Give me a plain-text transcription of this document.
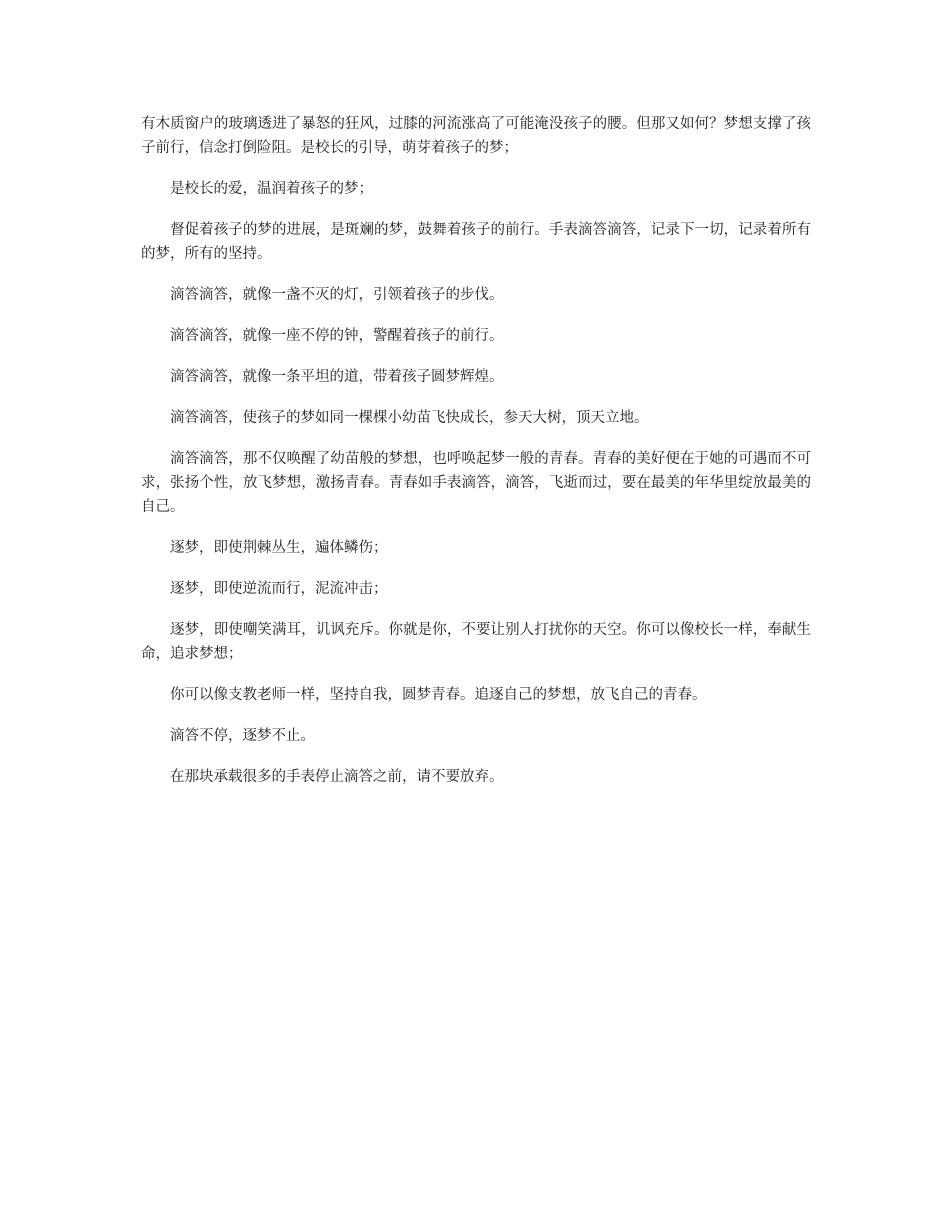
有木质窗户的玻璃透进了暴怒的狂风，过膝的河流涨高了可能淹没孩子的腰。但那又如何？梦想支撑了孩子前行，信念打倒险阻。是校长的引导，萌芽着孩子的梦；

是校长的爱，温润着孩子的梦；

督促着孩子的梦的进展，是斑斓的梦，鼓舞着孩子的前行。手表滴答滴答，记录下一切，记录着所有的梦，所有的坚持。

滴答滴答，就像一盏不灭的灯，引领着孩子的步伐。

滴答滴答，就像一座不停的钟，警醒着孩子的前行。

滴答滴答，就像一条平坦的道，带着孩子圆梦辉煌。

滴答滴答，使孩子的梦如同一棵棵小幼苗飞快成长，参天大树，顶天立地。

滴答滴答，那不仅唤醒了幼苗般的梦想，也呼唤起梦一般的青春。青春的美好便在于她的可遇而不可求，张扬个性，放飞梦想，激扬青春。青春如手表滴答，滴答，飞逝而过，要在最美的年华里绽放最美的自己。

逐梦，即使荆棘丛生，遍体鳞伤；

逐梦，即使逆流而行，泥流冲击；

逐梦，即使嘲笑满耳，讥讽充斥。你就是你，不要让别人打扰你的天空。你可以像校长一样，奉献生命，追求梦想；

你可以像支教老师一样，坚持自我，圆梦青春。追逐自己的梦想，放飞自己的青春。

滴答不停，逐梦不止。

在那块承载很多的手表停止滴答之前，请不要放弃。
